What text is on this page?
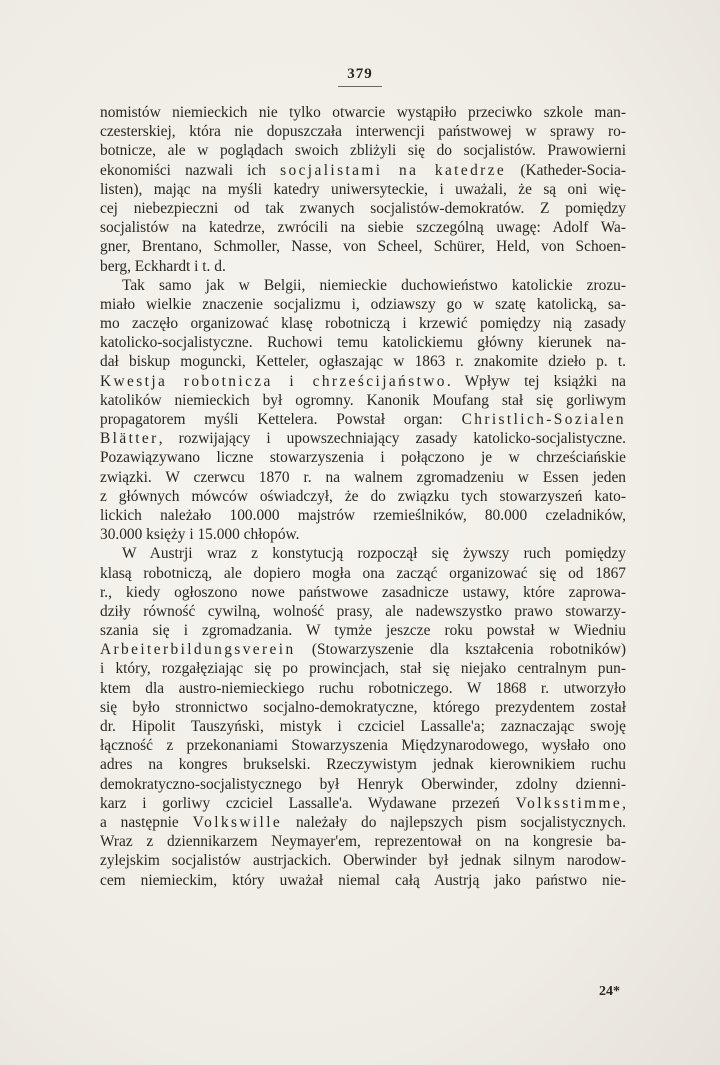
379
nomistów niemieckich nie tylko otwarcie wystąpiło przeciwko szkole man-
czesterskiej, która nie dopuszczała interwencji państwowej w sprawy ro-
botnicze, ale w poglądach swoich zbliżyli się do socjalistów. Prawowierni
ekonomiści nazwali ich socjalistami na katedrze (Katheder-Socia-
listen), mając na myśli katedry uniwersyteckie, i uważali, że są oni wię-
cej niebezpieczni od tak zwanych socjalistów-demokratów. Z pomiędzy
socjalistów na katedrze, zwrócili na siebie szczególną uwagę: Adolf Wa-
gner, Brentano, Schmoller, Nasse, von Scheel, Schürer, Held, von Schoen-
berg, Eckhardt i t. d.
Tak samo jak w Belgii, niemieckie duchowieństwo katolickie zrozu-
miało wielkie znaczenie socjalizmu i, odziawszy go w szatę katolicką, sa-
mo zaczęło organizować klasę robotniczą i krzewić pomiędzy nią zasady
katolicko-socjalistyczne. Ruchowi temu katolickiemu główny kierunek na-
dał biskup moguncki, Ketteler, ogłaszając w 1863 r. znakomite dzieło p. t.
Kwestja robotnicza i chrześcijaństwo. Wpływ tej książki na
katolików niemieckich był ogromny. Kanonik Moufang stał się gorliwym
propagatorem myśli Kettelera. Powstał organ: Christlich-Sozialen
Blätter, rozwijający i upowszechniający zasady katolicko-socjalistyczne.
Pozawiązywano liczne stowarzyszenia i połączono je w chrześciańskie
związki. W czerwcu 1870 r. na walnem zgromadzeniu w Essen jeden
z głównych mówców oświadczył, że do związku tych stowarzyszeń kato-
lickich należało 100.000 majstrów rzemieślników, 80.000 czeladników,
30.000 księży i 15.000 chłopów.
W Austrji wraz z konstytucją rozpoczął się żywszy ruch pomiędzy
klasą robotniczą, ale dopiero mogła ona zacząć organizować się od 1867
r., kiedy ogłoszono nowe państwowe zasadnicze ustawy, które zaprowa-
dziły równość cywilną, wolność prasy, ale nadewszystko prawo stowarzy-
szania się i zgromadzania. W tymże jeszcze roku powstał w Wiedniu
Arbeiterbildungsverein (Stowarzyszenie dla kształcenia robotników)
i który, rozgałęziając się po prowincjach, stał się niejako centralnym pun-
ktem dla austro-niemieckiego ruchu robotniczego. W 1868 r. utworzyło
się było stronnictwo socjalno-demokratyczne, którego prezydentem został
dr. Hipolit Tauszyński, mistyk i czciciel Lassalle'a; zaznaczając swoję
łączność z przekonaniami Stowarzyszenia Międzynarodowego, wysłało ono
adres na kongres brukselski. Rzeczywistym jednak kierownikiem ruchu
demokratyczno-socjalistycznego był Henryk Oberwinder, zdolny dzienni-
karz i gorliwy czciciel Lassalle'a. Wydawane przezeń Volksstimme,
a następnie Volkswille należały do najlepszych pism socjalistycznych.
Wraz z dziennikarzem Neymayer'em, reprezentował on na kongresie ba-
zylejskim socjalistów austrjackich. Oberwinder był jednak silnym narodow-
cem niemieckim, który uważał niemal całą Austrją jako państwo nie-
24*
